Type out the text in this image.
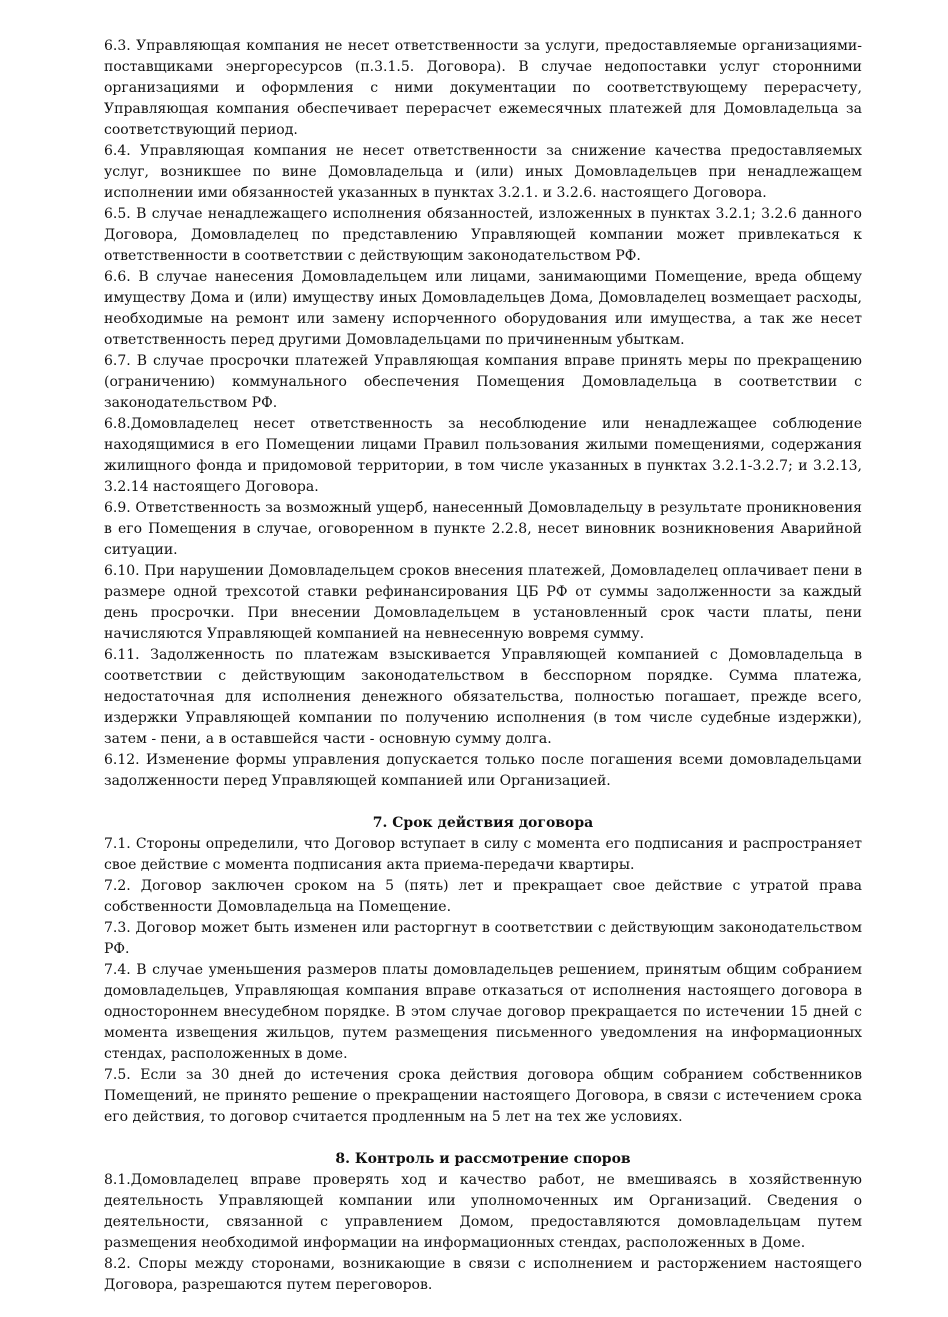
6.3. Управляющая компания не несет ответственности за услуги, предоставляемые организациями-поставщиками энергоресурсов (п.3.1.5. Договора). В случае недопоставки услуг сторонними организациями и оформления с ними документации по соответствующему перерасчету, Управляющая компания обеспечивает перерасчет ежемесячных платежей для Домовладельца за соответствующий период.

6.4. Управляющая компания не несет ответственности за снижение качества предоставляемых услуг, возникшее по вине Домовладельца и (или) иных Домовладельцев при ненадлежащем исполнении ими обязанностей указанных в пунктах 3.2.1. и 3.2.6. настоящего Договора.

6.5. В случае ненадлежащего исполнения обязанностей, изложенных в пунктах 3.2.1; 3.2.6 данного Договора, Домовладелец по представлению Управляющей компании может привлекаться к ответственности в соответствии с действующим законодательством РФ.

6.6. В случае нанесения Домовладельцем или лицами, занимающими Помещение, вреда общему имуществу Дома и (или) имуществу иных Домовладельцев Дома, Домовладелец возмещает расходы, необходимые на ремонт или замену испорченного оборудования или имущества, а так же несет ответственность перед другими Домовладельцами по причиненным убыткам.

6.7. В случае просрочки платежей Управляющая компания вправе принять меры по прекращению (ограничению) коммунального обеспечения Помещения Домовладельца в соответствии с законодательством РФ.

6.8.Домовладелец несет ответственность за несоблюдение или ненадлежащее соблюдение находящимися в его Помещении лицами Правил пользования жилыми помещениями, содержания жилищного фонда и придомовой территории, в том числе указанных в пунктах 3.2.1-3.2.7; и 3.2.13, 3.2.14 настоящего Договора.

6.9. Ответственность за возможный ущерб, нанесенный Домовладельцу в результате проникновения в его Помещения в случае, оговоренном в пункте 2.2.8, несет виновник возникновения Аварийной ситуации.

6.10. При нарушении Домовладельцем сроков внесения платежей, Домовладелец оплачивает пени в размере одной трехсотой ставки рефинансирования ЦБ РФ от суммы задолженности за каждый день просрочки. При внесении Домовладельцем в установленный срок части платы, пени начисляются Управляющей компанией на невнесенную вовремя сумму.

6.11. Задолженность по платежам взыскивается Управляющей компанией с Домовладельца в соответствии с действующим законодательством в бесспорном порядке. Сумма платежа, недостаточная для исполнения денежного обязательства, полностью погашает, прежде всего, издержки Управляющей компании по получению исполнения (в том числе судебные издержки), затем - пени, а в оставшейся части - основную сумму долга.

6.12. Изменение формы управления допускается только после погашения всеми домовладельцами задолженности перед Управляющей компанией или Организацией.

7. Срок действия договора

7.1. Стороны определили, что Договор вступает в силу с момента его подписания и распространяет свое действие с момента подписания акта приема-передачи квартиры.

7.2. Договор заключен сроком на 5 (пять) лет и прекращает свое действие с утратой права собственности Домовладельца на Помещение.

7.3. Договор может быть изменен или расторгнут в соответствии с действующим законодательством РФ.

7.4. В случае уменьшения размеров платы домовладельцев решением, принятым общим собранием домовладельцев, Управляющая компания вправе отказаться от исполнения настоящего договора в одностороннем внесудебном порядке. В этом случае договор прекращается по истечении 15 дней с момента извещения жильцов, путем размещения письменного уведомления на информационных стендах, расположенных в доме.

7.5. Если за 30 дней до истечения срока действия договора общим собранием собственников Помещений, не принято решение о прекращении настоящего Договора, в связи с истечением срока его действия, то договор считается продленным на 5 лет на тех же условиях.

8. Контроль и рассмотрение споров

8.1.Домовладелец вправе проверять ход и качество работ, не вмешиваясь в хозяйственную деятельность Управляющей компании или уполномоченных им Организаций. Сведения о деятельности, связанной с управлением Домом, предоставляются домовладельцам путем размещения необходимой информации на информационных стендах, расположенных в Доме.

8.2. Споры между сторонами, возникающие в связи с исполнением и расторжением настоящего Договора, разрешаются путем переговоров.
